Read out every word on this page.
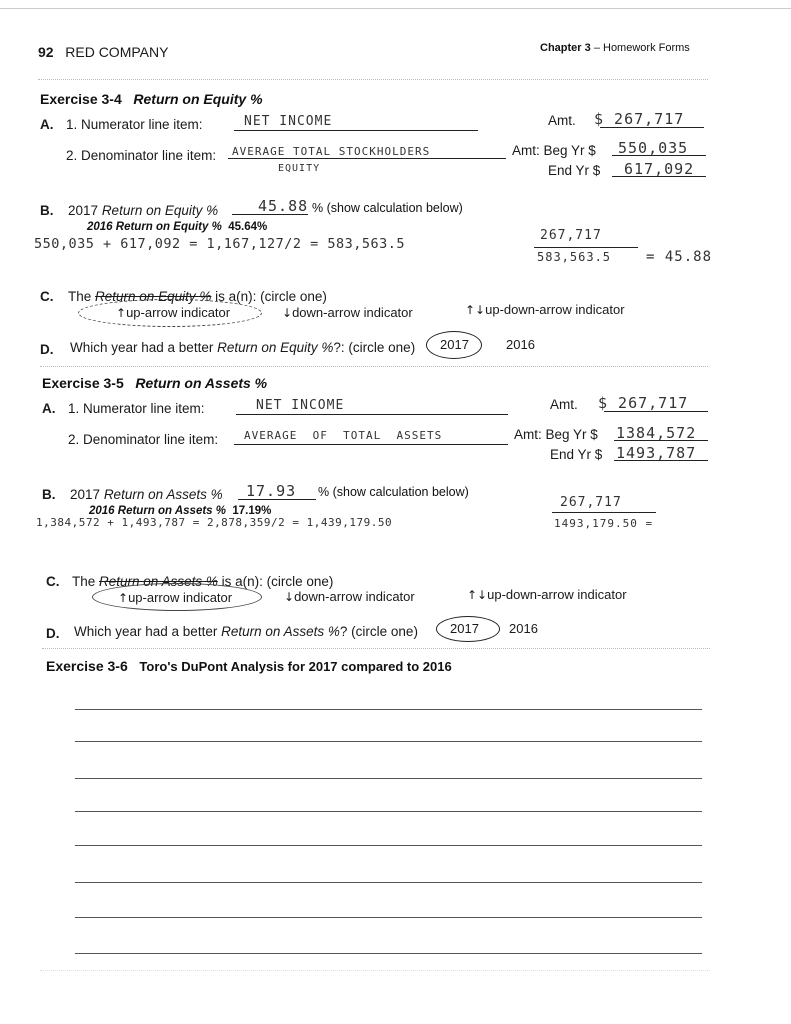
92 RED COMPANY	Chapter 3 – Homework Forms
Exercise 3-4 Return on Equity %
A. 1. Numerator line item:	NET INCOME	Amt. $ 267,717
2. Denominator line item: AVERAGE TOTAL STOCKHOLDERS
EQUITY
Amt: Beg Yr $ 550,035
End Yr $ 617,092
B. 2017 Return on Equity %	45.88 % (show calculation below)
2016 Return on Equity % 45.64%
550,035 + 617,092 = 1,167,127/2 = 583,563.5
267,717
583,563.5 = 45.88
C. The Return on Equity % is a(n): (circle one)
↑up-arrow indicator	↓down-arrow indicator	↑↓up-down-arrow indicator
D. Which year had a better Return on Equity %?: (circle one) 2017	2016
Exercise 3-5 Return on Assets %
A. 1. Numerator line item:	NET INCOME	Amt. $ 267,717
2. Denominator line item: AVERAGE  OF  TOTAL  ASSETS	Amt: Beg Yr $ 1384,572
End Yr $ 1493,787
B. 2017 Return on Assets % 17.93 % (show calculation below)
2016 Return on Assets % 17.19%
1,384,572 + 1,493,787 = 2,878,359/2 = 1,439,179.50
267,717
1493,179.50 =
C. The Return on Assets % is a(n): (circle one)
↑up-arrow indicator	↓down-arrow indicator	↑↓up-down-arrow indicator
D. Which year had a better Return on Assets %? (circle one) 2017 2016
Exercise 3-6 Toro's DuPont Analysis for 2017 compared to 2016
